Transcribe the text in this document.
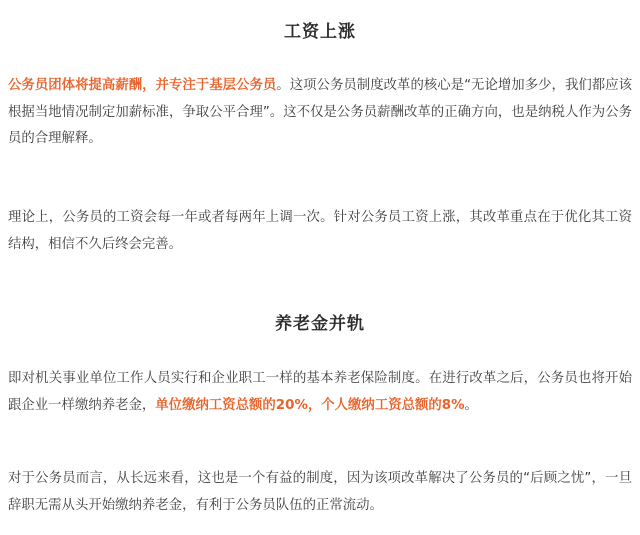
工资上涨

公务员团体将提高薪酬，并专注于基层公务员。这项公务员制度改革的核心是“无论增加多少，我们都应该根据当地情况制定加薪标准，争取公平合理”。这不仅是公务员薪酬改革的正确方向，也是纳税人作为公务员的合理解释。

理论上，公务员的工资会每一年或者每两年上调一次。针对公务员工资上涨，其改革重点在于优化其工资结构，相信不久后终会完善。

养老金并轨

即对机关事业单位工作人员实行和企业职工一样的基本养老保险制度。在进行改革之后，公务员也将开始跟企业一样缴纳养老金，单位缴纳工资总额的20%，个人缴纳工资总额的8%。

对于公务员而言，从长远来看，这也是一个有益的制度，因为该项改革解决了公务员的“后顾之忧”，一旦辞职无需从头开始缴纳养老金，有利于公务员队伍的正常流动。
